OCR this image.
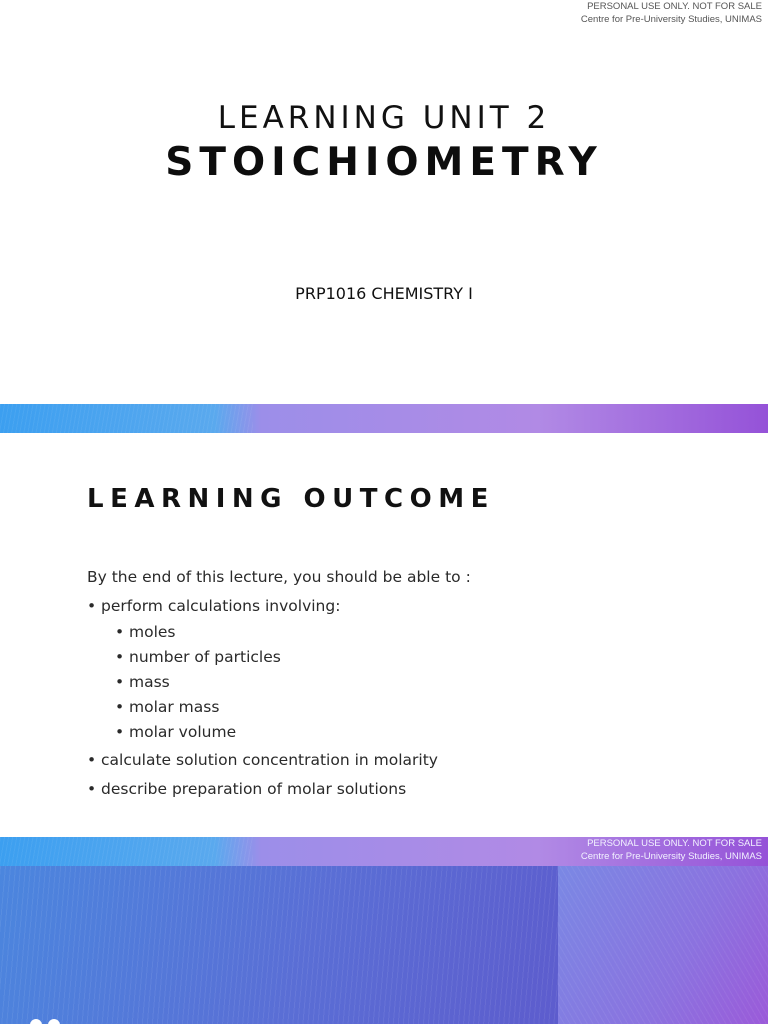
PERSONAL USE ONLY. NOT FOR SALE
Centre for Pre-University Studies, UNIMAS
LEARNING UNIT 2
STOICHIOMETRY
PRP1016 CHEMISTRY I
LEARNING OUTCOME
By the end of this lecture, you should be able to :
• perform calculations involving:
• moles
• number of particles
• mass
• molar mass
• molar volume
• calculate solution concentration in molarity
• describe preparation of molar solutions
PERSONAL USE ONLY. NOT FOR SALE
Centre for Pre-University Studies, UNIMAS
